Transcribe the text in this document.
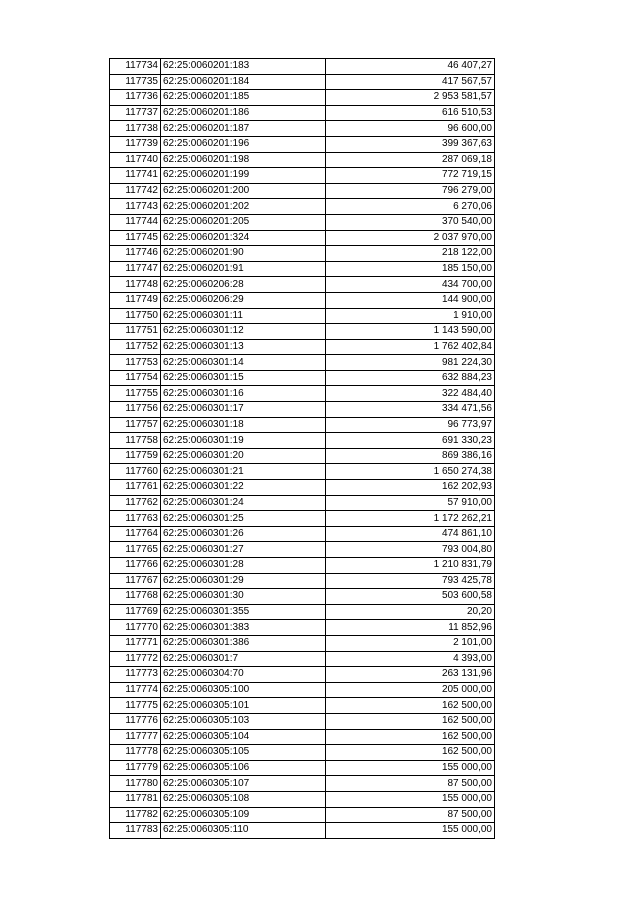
117734	62:25:0060201:183	46 407,27
117735	62:25:0060201:184	417 567,57
117736	62:25:0060201:185	2 953 581,57
117737	62:25:0060201:186	616 510,53
117738	62:25:0060201:187	96 600,00
117739	62:25:0060201:196	399 367,63
117740	62:25:0060201:198	287 069,18
117741	62:25:0060201:199	772 719,15
117742	62:25:0060201:200	796 279,00
117743	62:25:0060201:202	6 270,06
117744	62:25:0060201:205	370 540,00
117745	62:25:0060201:324	2 037 970,00
117746	62:25:0060201:90	218 122,00
117747	62:25:0060201:91	185 150,00
117748	62:25:0060206:28	434 700,00
117749	62:25:0060206:29	144 900,00
117750	62:25:0060301:11	1 910,00
117751	62:25:0060301:12	1 143 590,00
117752	62:25:0060301:13	1 762 402,84
117753	62:25:0060301:14	981 224,30
117754	62:25:0060301:15	632 884,23
117755	62:25:0060301:16	322 484,40
117756	62:25:0060301:17	334 471,56
117757	62:25:0060301:18	96 773,97
117758	62:25:0060301:19	691 330,23
117759	62:25:0060301:20	869 386,16
117760	62:25:0060301:21	1 650 274,38
117761	62:25:0060301:22	162 202,93
117762	62:25:0060301:24	57 910,00
117763	62:25:0060301:25	1 172 262,21
117764	62:25:0060301:26	474 861,10
117765	62:25:0060301:27	793 004,80
117766	62:25:0060301:28	1 210 831,79
117767	62:25:0060301:29	793 425,78
117768	62:25:0060301:30	503 600,58
117769	62:25:0060301:355	20,20
117770	62:25:0060301:383	11 852,96
117771	62:25:0060301:386	2 101,00
117772	62:25:0060301:7	4 393,00
117773	62:25:0060304:70	263 131,96
117774	62:25:0060305:100	205 000,00
117775	62:25:0060305:101	162 500,00
117776	62:25:0060305:103	162 500,00
117777	62:25:0060305:104	162 500,00
117778	62:25:0060305:105	162 500,00
117779	62:25:0060305:106	155 000,00
117780	62:25:0060305:107	87 500,00
117781	62:25:0060305:108	155 000,00
117782	62:25:0060305:109	87 500,00
117783	62:25:0060305:110	155 000,00
